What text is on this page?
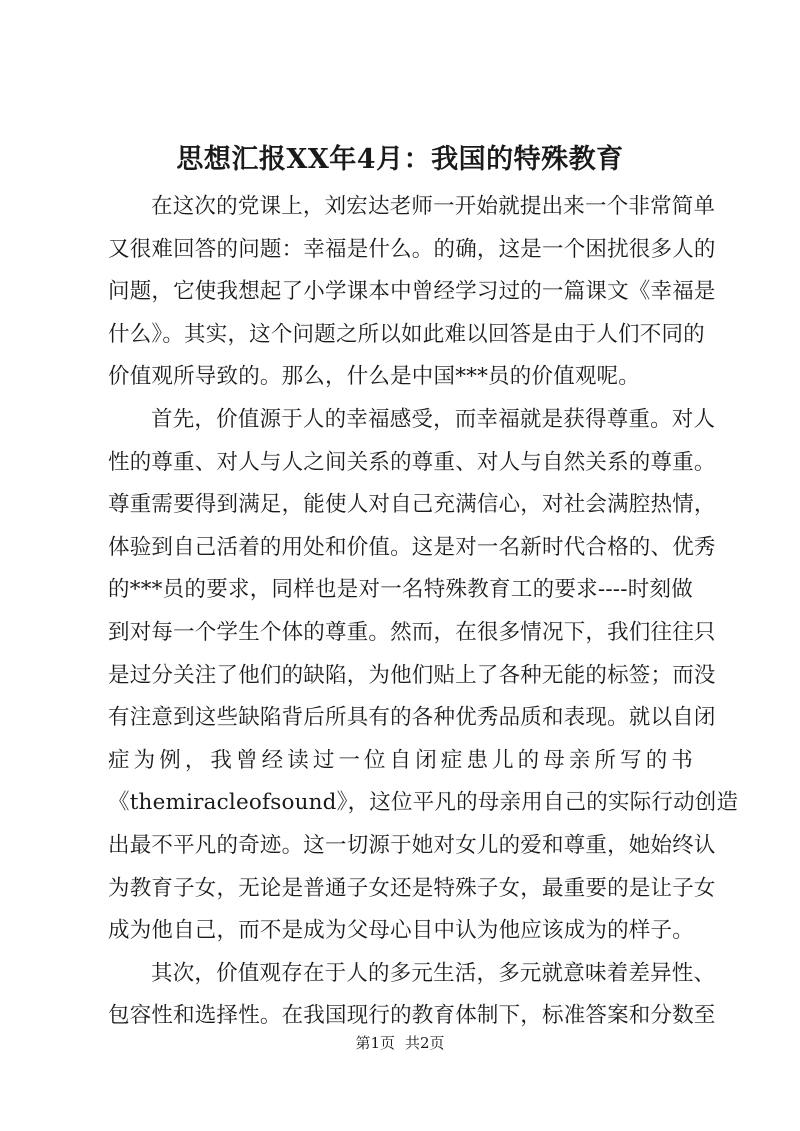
思想汇报XX年4月：我国的特殊教育
在这次的党课上，刘宏达老师一开始就提出来一个非常简单
又很难回答的问题：幸福是什么。的确，这是一个困扰很多人的
问题，它使我想起了小学课本中曾经学习过的一篇课文《幸福是
什么》。其实，这个问题之所以如此难以回答是由于人们不同的
价值观所导致的。那么，什么是中国***员的价值观呢。
首先，价值源于人的幸福感受，而幸福就是获得尊重。对人
性的尊重、对人与人之间关系的尊重、对人与自然关系的尊重。
尊重需要得到满足，能使人对自己充满信心，对社会满腔热情，
体验到自己活着的用处和价值。这是对一名新时代合格的、优秀
的***员的要求，同样也是对一名特殊教育工的要求----时刻做
到对每一个学生个体的尊重。然而，在很多情况下，我们往往只
是过分关注了他们的缺陷，为他们贴上了各种无能的标签；而没
有注意到这些缺陷背后所具有的各种优秀品质和表现。就以自闭
症为例，我曾经读过一位自闭症患儿的母亲所写的书
《themiracleofsound》，这位平凡的母亲用自己的实际行动创造
出最不平凡的奇迹。这一切源于她对女儿的爱和尊重，她始终认
为教育子女，无论是普通子女还是特殊子女，最重要的是让子女
成为他自己，而不是成为父母心目中认为他应该成为的样子。
其次，价值观存在于人的多元生活，多元就意味着差异性、
包容性和选择性。在我国现行的教育体制下，标准答案和分数至
第1页 共2页
